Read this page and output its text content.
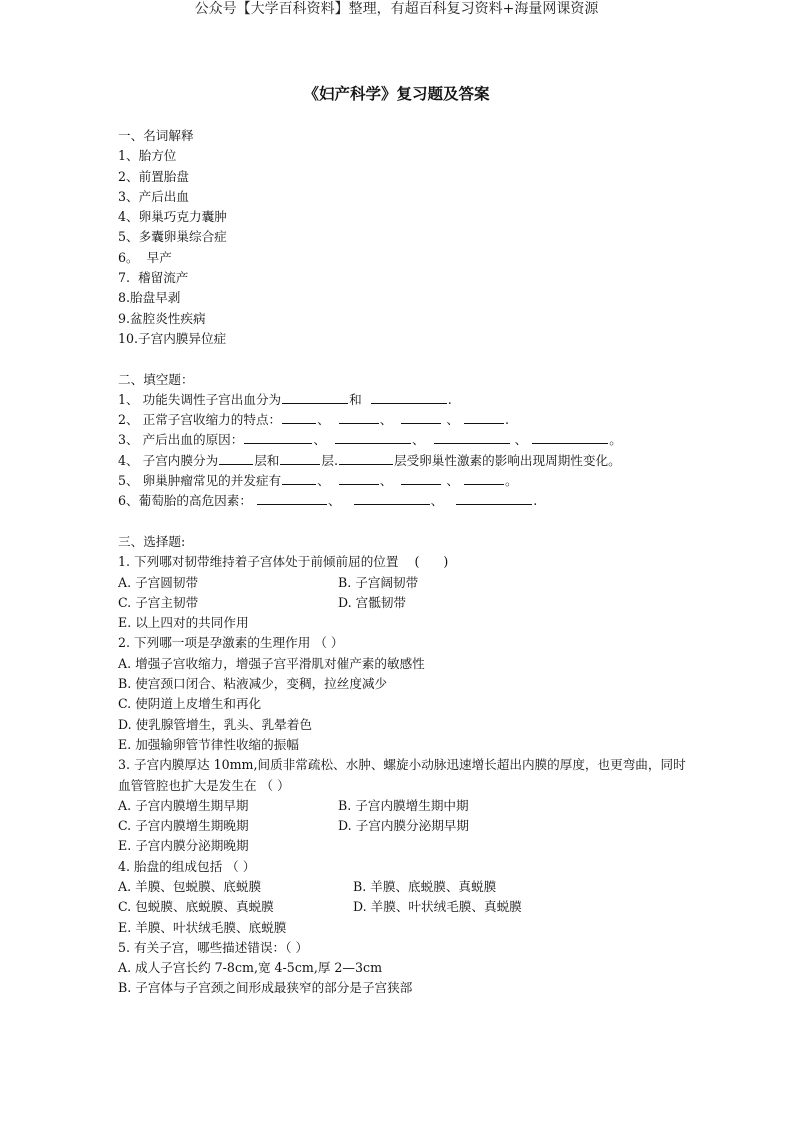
公众号【大学百科资料】整理，有超百科复习资料+海量网课资源
《妇产科学》复习题及答案
一、名词解释
1、胎方位
2、前置胎盘
3、产后出血
4、卵巢巧克力囊肿
5、多囊卵巢综合症
6。  早产
7.  稽留流产
8.胎盘早剥
9.盆腔炎性疾病
10.子宫内膜异位症
二、填空题：
1、 功能失调性子宫出血分为	和	.
2、 正常子宫收缩力的特点：	、	、	、	.
3、 产后出血的原因：	、	、	、	。
4、 子宫内膜分为	层和	层.	层受卵巢性激素的影响出现周期性变化。
5、 卵巢肿瘤常见的并发症有	、	、	、	。
6、葡萄胎的高危因素：	、	、	.
三、选择题:
1. 下列哪对韧带维持着子宫体处于前倾前屈的位置    (      )
A. 子宫圆韧带	B. 子宫阔韧带
C. 子宫主韧带	D. 宫骶韧带
E. 以上四对的共同作用
2. 下列哪一项是孕激素的生理作用 （ ）
A. 增强子宫收缩力，增强子宫平滑肌对催产素的敏感性
B. 使宫颈口闭合、粘液减少，变稠，拉丝度减少
C. 使阴道上皮增生和再化
D. 使乳腺管增生，乳头、乳晕着色
E. 加强输卵管节律性收缩的振幅
3. 子宫内膜厚达 10mm,间质非常疏松、水肿、螺旋小动脉迅速增长超出内膜的厚度，也更弯曲，同时血管管腔也扩大是发生在 （ ）
A. 子宫内膜增生期早期	B. 子宫内膜增生期中期
C. 子宫内膜增生期晚期	D. 子宫内膜分泌期早期
E. 子宫内膜分泌期晚期
4. 胎盘的组成包括 （ ）
A. 羊膜、包蜕膜、底蜕膜	B. 羊膜、底蜕膜、真蜕膜
C. 包蜕膜、底蜕膜、真蜕膜	D. 羊膜、叶状绒毛膜、真蜕膜
E. 羊膜、叶状绒毛膜、底蜕膜
5. 有关子宫，哪些描述错误：（ ）
A. 成人子宫长约 7-8cm,宽 4-5cm,厚 2—3cm
B. 子宫体与子宫颈之间形成最狭窄的部分是子宫狭部
